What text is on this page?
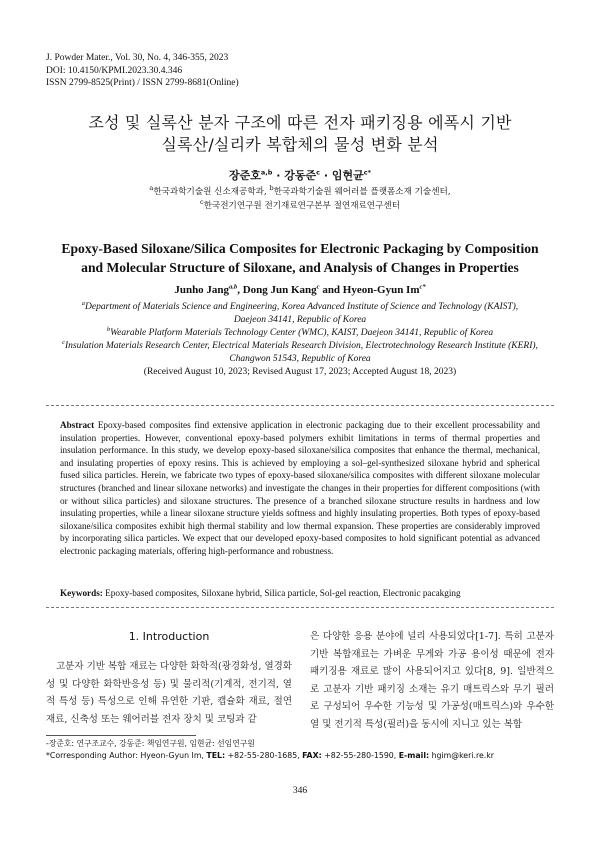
J. Powder Mater., Vol. 30, No. 4, 346-355, 2023
DOI: 10.4150/KPMI.2023.30.4.346
ISSN 2799-8525(Print) / ISSN 2799-8681(Online)
조성 및 실록산 분자 구조에 따른 전자 패키징용 에폭시 기반
실록산/실리카 복합체의 물성 변화 분석
장준호$^{a,b}$ · 강동준$^c$ · 임현균$^{c*}$
$^a$한국과학기술원 신소재공학과, $^b$한국과학기술원 웨어러블 플랫폼소재 기술센터,
$^c$한국전기연구원 전기재료연구본부 절연재료연구센터
Epoxy-Based Siloxane/Silica Composites for Electronic Packaging by Composition
and Molecular Structure of Siloxane, and Analysis of Changes in Properties
Junho Jang$^{a,b}$, Dong Jun Kang$^c$ and Hyeon-Gyun $Im^{c*}$
$^a$Department of Materials Science and Engineering, Korea Advanced Institute of Science and Technology (KAIST),
Daejeon 34141, Republic of Korea
$^b$Wearable Platform Materials Technology Center (WMC), KAIST, Daejeon 34141, Republic of Korea
$^c$Insulation Materials Research Center, Electrical Materials Research Division, Electrotechnology Research Institute (KERI),
Changwon 51543, Republic of Korea
(Received August 10, 2023; Revised August 17, 2023; Accepted August 18, 2023)
Abstract Epoxy-based composites find extensive application in electronic packaging due to their excellent processability and insulation properties. However, conventional epoxy-based polymers exhibit limitations in terms of thermal properties and insulation performance. In this study, we develop epoxy-based siloxane/silica composites that enhance the thermal, mechanical, and insulating properties of epoxy resins. This is achieved by employing a sol–gel-synthesized siloxane hybrid and spherical fused silica particles. Herein, we fabricate two types of epoxy-based siloxane/silica composites with different siloxane molecular structures (branched and linear siloxane networks) and investigate the changes in their properties for different compositions (with or without silica particles) and siloxane structures. The presence of a branched siloxane structure results in hardness and low insulating properties, while a linear siloxane structure yields softness and highly insulating properties. Both types of epoxy-based siloxane/silica composites exhibit high thermal stability and low thermal expansion. These properties are considerably improved by incorporating silica particles. We expect that our developed epoxy-based composites to hold significant potential as advanced electronic packaging materials, offering high-performance and robustness.
Keywords: Epoxy-based composites, Siloxane hybrid, Silica particle, Sol-gel reaction, Electronic pacakging
1. Introduction
고분자 기반 복합 재료는 다양한 화학적(광경화성, 열경화성 및 다양한 화학반응성 등) 및 물리적(기계적, 전기적, 열적 특성 등) 특성으로 인해 유연한 기판, 캡슐화 재료, 절연 재료, 신축성 또는 웨어러블 전자 장치 및 코팅과 같
은 다양한 응용 분야에 널리 사용되었다[1-7]. 특히 고분자 기반 복합재료는 가벼운 무게와 가공 용이성 때문에 전자 패키징용 재료로 많이 사용되어지고 있다[8, 9]. 일반적으로 고분자 기반 패키징 소재는 유기 매트릭스와 무기 필러로 구성되어 우수한 기능성 및 가공성(매트릭스)와 우수한 열 및 전기적 특성(필러)을 동시에 지니고 있는 복합
-장준호: 연구조교수, 강동준: 책임연구원, 임현균: 선임연구원
*Corresponding Author: Hyeon-Gyun Im, TEL: +82-55-280-1685, FAX: +82-55-280-1590, E-mail: hgim@keri.re.kr
346
